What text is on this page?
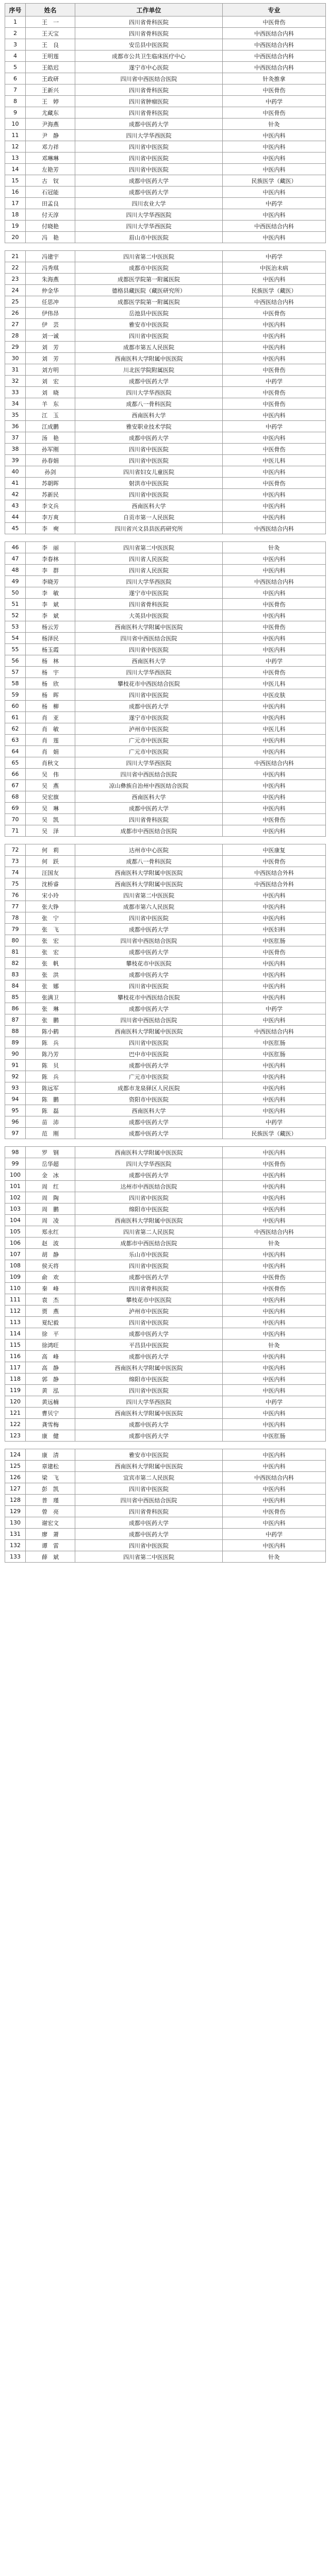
序号	姓名	工作单位	专业
1	王　一	四川省骨科医院	中医骨伤
2	王天宝	四川省骨科医院	中西医结合内科
3	王　良	安岳县中医医院	中西医结合内科
4	王明莲	成都市公共卫生临床医疗中心	中西医结合内科
5	王皓迟	遂宁市中心医院	中西医结合内科
6	王政研	四川省中西医结合医院	针灸推拿
7	王新兴	四川省骨科医院	中医骨伤
8	王　婷	四川省肿瘤医院	中药学
9	尤藏东	四川省骨科医院	中医骨伤
10	尹海燕	成都中医药大学	针灸
11	尹　静	四川大学华西医院	中医内科
12	邓力祥	四川省中医医院	中医内科
13	邓琳琳	四川省中医医院	中医内科
14	左艳芳	四川省中医医院	中医内科
15	古　钗	成都中医药大学	民族医学（藏医）
16	石冠能	成都中医药大学	中医内科
17	田孟良	四川农业大学	中药学
18	付天淳	四川大学华西医院	中医内科
19	付晓艳	四川大学华西医院	中西医结合内科
20	冯　艳	眉山市中医医院	中医内科

21	冯建宇	四川省第二中医医院	中药学
22	冯秀琪	成都市中医医院	中医治未病
23	朱海燕	成都医学院第一附属医院	中医内科
24	仲金华	德格县藏医院（藏医研究所）	民族医学（藏医）
25	任思冲	成都医学院第一附属医院	中西医结合内科
26	伊伟昂	岳池县中医医院	中医骨伤
27	伊　芸	雅安市中医医院	中医内科
28	刘一诚	四川省中医医院	中医内科
29	刘　芳	成都市第五人民医院	中医内科
30	刘　芳	西南医科大学附属中医医院	中医内科
31	刘方明	川北医学院附属医院	中医骨伤
32	刘　宏	成都中医药大学	中药学
33	刘　晓	四川大学华西医院	中医骨伤
34	羊　东	成都八一骨科医院	中医骨伤
35	江　玉	西南医科大学	中医内科
36	江成鹏	雅安职业技术学院	中药学
37	汤　艳	成都中医药大学	中医内科
38	孙军刚	四川省中医医院	中医骨伤
39	孙春娟	四川省中医医院	中医儿科
40	孙剑	四川省妇女儿童医院	中医内科
41	苏朝晖	射洪市中医医院	中医骨伤
42	苏新民	四川省中医医院	中医内科
43	李文兵	西南医科大学	中医内科
44	李万爽	自贡市第一人民医院	中医内科
45	李　奭	四川省兴文县县医药研究所	中西医结合内科

46	李　丽	四川省第二中医医院	针灸
47	李春林	四川省人民医院	中医内科
48	李　群	四川省人民医院	中医内科
49	李晓芳	四川大学华西医院	中西医结合内科
50	李　敏	遂宁市中医医院	中医内科
51	李　斌	四川省骨科医院	中医骨伤
52	李　斌	大英县中医医院	中医内科
53	杨云芳	西南医科大学附属中医医院	中医骨伤
54	杨泽民	四川省中西医结合医院	中医内科
55	杨玉霞	四川省中医医院	中医内科
56	杨　林	西南医科大学	中药学
57	杨　宇	四川大学华西医院	中医骨伤
58	杨　欣	攀枝花市中西医结合医院	中医儿科
59	杨　晖	四川省中医医院	中医皮肤
60	杨　柳	成都中医药大学	中医内科
61	肖　亚	遂宁市中医医院	中医内科
62	肖　敏	泸州市中医医院	中医儿科
63	肖　莲	广元市中医医院	中医内科
64	肖　娟	广元市中医医院	中医内科
65	肖秋文	四川大学华西医院	中西医结合内科
66	吴　伟	四川省中西医结合医院	中医内科
67	吴　燕	凉山彝族自治州中西医结合医院	中医内科
68	吴宏旗	西南医科大学	中医内科
69	吴　琳	成都中医药大学	中医内科
70	吴　凯	四川省骨科医院	中医骨伤
71	吴　泽	成都市中西医结合医院	中医内科

72	何　莉	达州市中心医院	中医康复
73	何　跃	成都八一骨科医院	中医骨伤
74	汪国友	西南医科大学附属中医医院	中西医结合外科
75	沈桥睿	西南医科大学附属中医医院	中西医结合外科
76	宋小玲	四川省第二中医医院	中医内科
77	张大铮	成都市第六人民医院	中医内科
78	张　宁	四川省中医医院	中医内科
79	张　飞	成都中医药大学	中医妇科
80	张　宏	四川省中西医结合医院	中医肛肠
81	张　宏	成都中医药大学	中医骨伤
82	张　帆	攀枝花市中医医院	中医内科
83	张　洪	成都中医药大学	中医内科
84	张　娜	四川省中医医院	中医内科
85	张满卫	攀枝花市中西医结合医院	中医内科
86	张　琳	成都中医药大学	中药学
87	张　鹏	四川省中西医结合医院	中医内科
88	陈小鹤	西南医科大学附属中医医院	中西医结合内科
89	陈　兵	四川省中医医院	中医肛肠
90	陈乃芳	巴中市中医医院	中医肛肠
91	陈　贝	成都中医药大学	中医内科
92	陈　兵	广元市中医医院	中医内科
93	陈远军	成都市龙泉驿区人民医院	中医内科
94	陈　鹏	资阳市中医医院	中医内科
95	陈　磊	西南医科大学	中医内科
96	苗　沛	成都中医药大学	中药学
97	范　刚	成都中医药大学	民族医学（藏医）

98	罗　钢	西南医科大学附属中医医院	中医内科
99	岳华超	四川大学华西医院	中医骨伤
100	金　冰	成都中医药大学	中医内科
101	周　红	达州市中西医结合医院	中医内科
102	周　陶	四川省中医医院	中医内科
103	周　鹏	绵阳市中医医院	中医内科
104	周　凌	西南医科大学附属中医医院	中医内科
105	郑永红	四川省第二人民医院	中西医结合内科
106	赵　波	成都市中西医结合医院	针灸
107	胡　静	乐山市中医医院	中医内科
108	侯天将	四川省中医医院	中医内科
109	俞　欢	成都中医药大学	中医骨伤
110	秦　峰	四川省骨科医院	中医骨伤
111	袁　杰	攀枝花市中医医院	中医内科
112	贾　燕	泸州市中医医院	中医内科
113	夏纪毅	四川省中医医院	中医内科
114	徐　平	成都中医药大学	中医内科
115	徐鸿旺	平昌县中医医院	针灸
116	高　峰	成都中医药大学	中医内科
117	高　静	西南医科大学附属中医医院	中医内科
118	郭　静	绵阳市中医医院	中医内科
119	黄　泓	四川省中医医院	中医内科
120	黄远楠	四川大学华西医院	中药学
121	曹贝宁	西南医科大学附属中医医院	中医内科
122	龚雪梅	成都中医药大学	中医内科
123	康　健	成都中医药大学	中医肛肠

124	康　清	雅安市中医医院	中医内科
125	章建松	西南医科大学附属中医医院	中医内科
126	梁　飞	宜宾市第二人民医院	中西医结合内科
127	彭　凯	四川省中医医院	中医内科
128	普　瑾	四川省中西医结合医院	中医内科
129	曾　亮	四川省骨科医院	中医骨伤
130	谢宏文	成都中医药大学	中医内科
131	廖　萧	成都中医药大学	中药学
132	谭　雷	四川省中医医院	中医内科
133	薛　斌	四川省第二中医医院	针灸
